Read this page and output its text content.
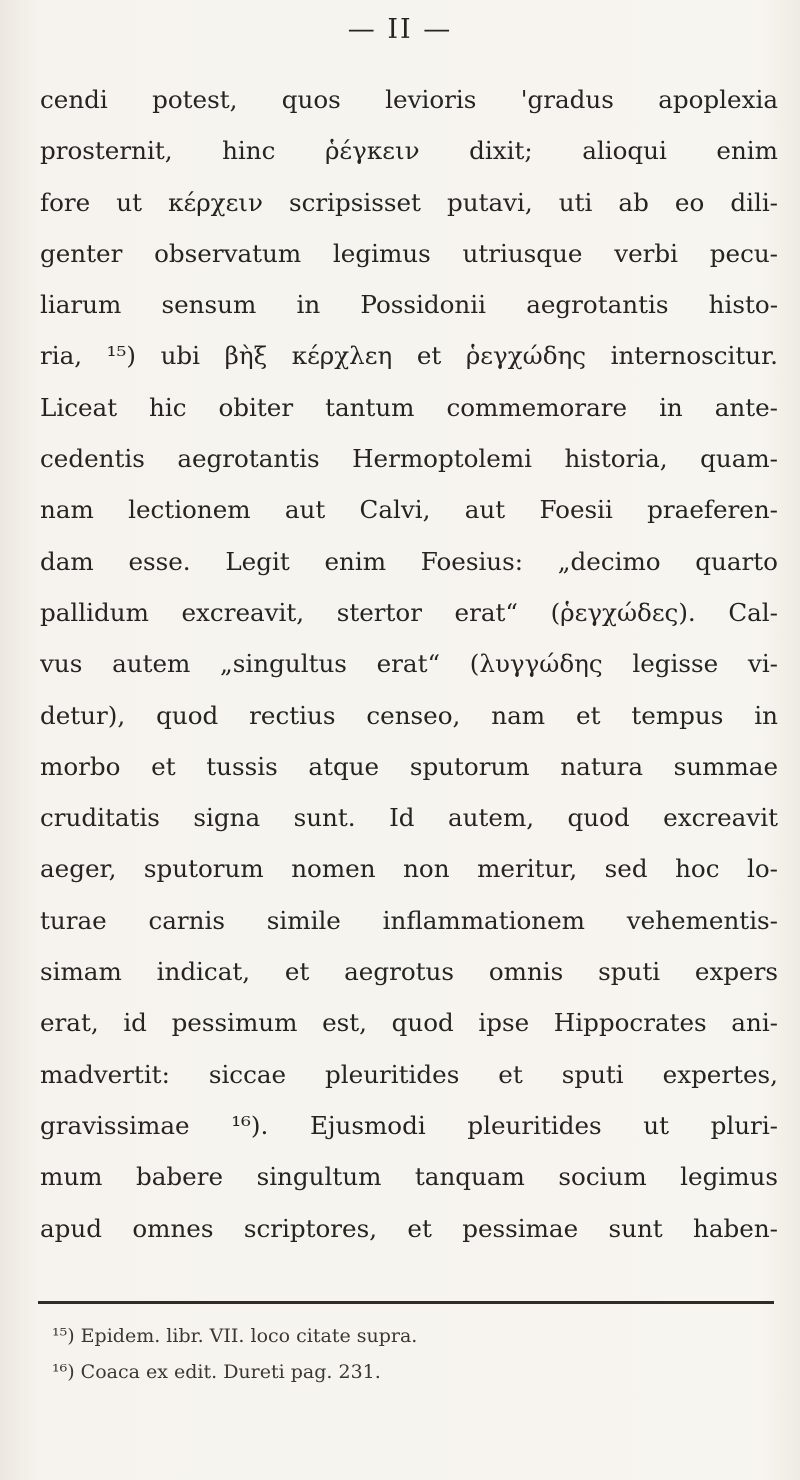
— II —
cendi potest, quos levioris 'gradus apoplexia
prosternit, hinc ῥέγκειν dixit; alioqui enim
fore ut κέρχειν scripsisset putavi, uti ab eo dili-
genter observatum legimus utriusque verbi pecu-
liarum sensum in Possidonii aegrotantis histo-
ria, ¹⁵) ubi βὴξ κέρχλεη et ῥεγχώδης internoscitur.
Liceat hic obiter tantum commemorare in ante-
cedentis aegrotantis Hermoptolemi historia, quam-
nam lectionem aut Calvi, aut Foesii praeferen-
dam esse. Legit enim Foesius: „decimo quarto
pallidum excreavit, stertor erat“ (ῥεγχώδες). Cal-
vus autem „singultus erat“ (λυγγώδης legisse vi-
detur), quod rectius censeo, nam et tempus in
morbo et tussis atque sputorum natura summae
cruditatis signa sunt. Id autem, quod excreavit
aeger, sputorum nomen non meritur, sed hoc lo-
turae carnis simile inflammationem vehementis-
simam indicat, et aegrotus omnis sputi expers
erat, id pessimum est, quod ipse Hippocrates ani-
madvertit: siccae pleuritides et sputi expertes,
gravissimae ¹⁶). Ejusmodi pleuritides ut pluri-
mum babere singultum tanquam socium legimus
apud omnes scriptores, et pessimae sunt haben-
¹⁵) Epidem. libr. VII. loco citate supra.
¹⁶) Coaca ex edit. Dureti pag. 231.
